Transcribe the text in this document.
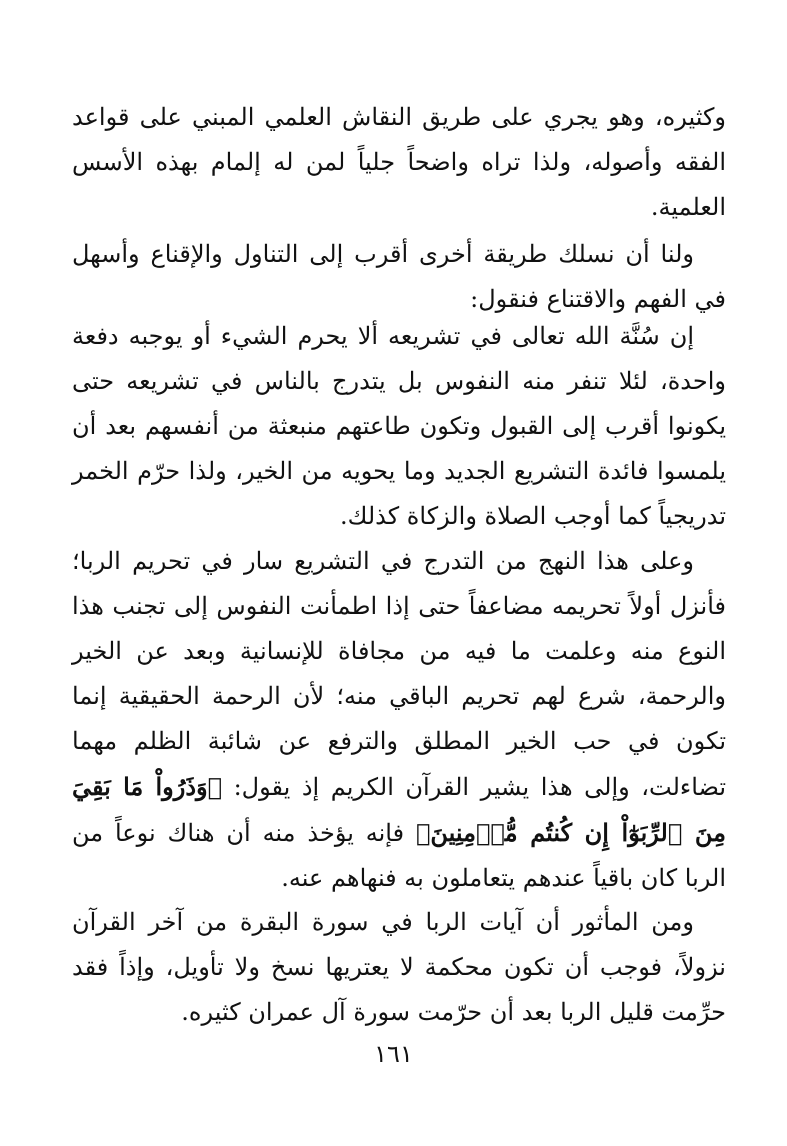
وكثيره، وهو يجري على طريق النقاش العلمي المبني على قواعد الفقه وأصوله، ولذا تراه واضحاً جلياً لمن له إلمام بهذه الأسس العلمية.

ولنا أن نسلك طريقة أخرى أقرب إلى التناول والإقناع وأسهل في الفهم والاقتناع فنقول:

إن سُنَّة الله تعالى في تشريعه ألا يحرم الشيء أو يوجبه دفعة واحدة، لئلا تنفر منه النفوس بل يتدرج بالناس في تشريعه حتى يكونوا أقرب إلى القبول وتكون طاعتهم منبعثة من أنفسهم بعد أن يلمسوا فائدة التشريع الجديد وما يحويه من الخير، ولذا حرّم الخمر تدريجياً كما أوجب الصلاة والزكاة كذلك.

وعلى هذا النهج من التدرج في التشريع سار في تحريم الربا؛ فأنزل أولاً تحريمه مضاعفاً حتى إذا اطمأنت النفوس إلى تجنب هذا النوع منه وعلمت ما فيه من مجافاة للإنسانية وبعد عن الخير والرحمة، شرع لهم تحريم الباقي منه؛ لأن الرحمة الحقيقية إنما تكون في حب الخير المطلق والترفع عن شائبة الظلم مهما تضاءلت، وإلى هذا يشير القرآن الكريم إذ يقول: ﴿وَذَرُواْ مَا بَقِيَ مِنَ ٱلرِّبَوٰٓاْ إِن كُنتُم مُّؤۡمِنِينَ﴾ فإنه يؤخذ منه أن هناك نوعاً من الربا كان باقياً عندهم يتعاملون به فنهاهم عنه.

ومن المأثور أن آيات الربا في سورة البقرة من آخر القرآن نزولاً، فوجب أن تكون محكمة لا يعتريها نسخ ولا تأويل، وإذاً فقد حرِّمت قليل الربا بعد أن حرّمت سورة آل عمران كثيره.

١٦١
